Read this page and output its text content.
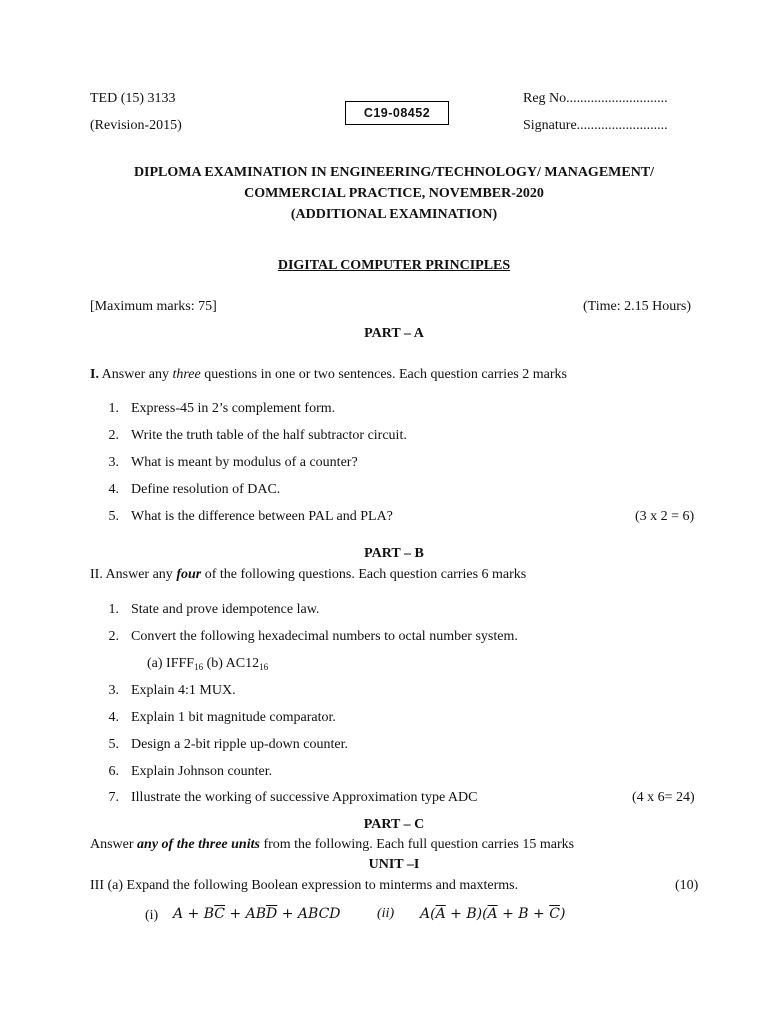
TED (15) 3133
(Revision-2015)
C19-08452
Reg No.............................
Signature..........................
DIPLOMA EXAMINATION IN ENGINEERING/TECHNOLOGY/ MANAGEMENT/
COMMERCIAL PRACTICE, NOVEMBER-2020
(ADDITIONAL EXAMINATION)
DIGITAL COMPUTER PRINCIPLES
[Maximum marks: 75]	(Time: 2.15 Hours)
PART – A
I. Answer any three questions in one or two sentences. Each question carries 2 marks
1. Express-45 in 2’s complement form.
2. Write the truth table of the half subtractor circuit.
3. What is meant by modulus of a counter?
4. Define resolution of DAC.
5. What is the difference between PAL and PLA?	(3 x 2 = 6)
PART – B
II. Answer any four of the following questions. Each question carries 6 marks
1. State and prove idempotence law.
2. Convert the following hexadecimal numbers to octal number system.
(a) $IFFF_{16}$ (b) $AC12_{16}$
3. Explain 4:1 MUX.
4. Explain 1 bit magnitude comparator.
5. Design a 2-bit ripple up-down counter.
6. Explain Johnson counter.
7. Illustrate the working of successive Approximation type ADC	(4 x 6= 24)
PART – C
Answer any of the three units from the following. Each full question carries 15 marks
UNIT –I
III (a) Expand the following Boolean expression to minterms and maxterms.	(10)
(i) $A + B\overline{C} + AB\overline{D}$ + ABCD	(ii) $A(\overline{A} + B)(\overline{A} + B + \overline{C})$
